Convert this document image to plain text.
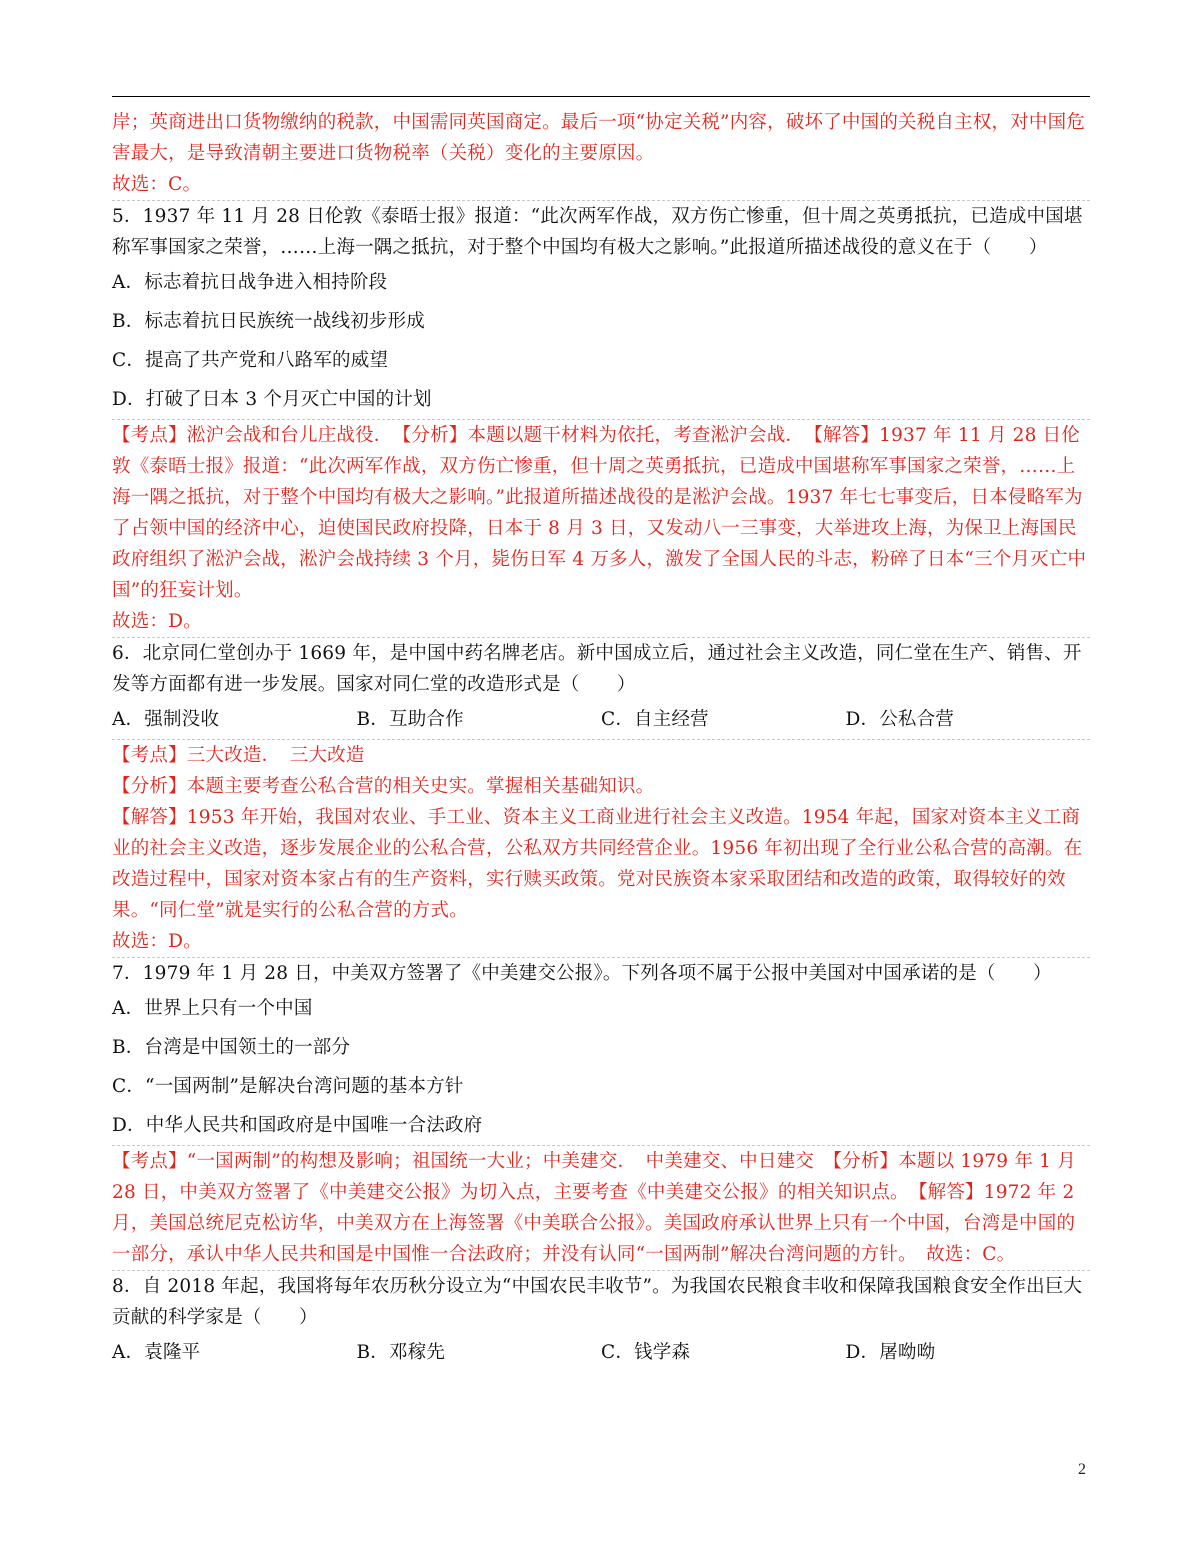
岸；英商进出口货物缴纳的税款，中国需同英国商定。最后一项“协定关税”内容，破坏了中国的关税自主权，对中国危害最大，是导致清朝主要进口货物税率（关税）变化的主要原因。

故选：C。

5．1937 年 11 月 28 日伦敦《泰晤士报》报道：“此次两军作战，双方伤亡惨重，但十周之英勇抵抗，已造成中国堪称军事国家之荣誉，……上海一隅之抵抗，对于整个中国均有极大之影响。”此报道所描述战役的意义在于（　　）

A．标志着抗日战争进入相持阶段

B．标志着抗日民族统一战线初步形成

C．提高了共产党和八路军的威望

D．打破了日本 3 个月灭亡中国的计划

【考点】淞沪会战和台儿庄战役．　【分析】本题以题干材料为依托，考查淞沪会战．　【解答】1937 年 11 月 28 日伦敦《泰晤士报》报道：“此次两军作战，双方伤亡惨重，但十周之英勇抵抗，已造成中国堪称军事国家之荣誉，……上海一隅之抵抗，对于整个中国均有极大之影响。”此报道所描述战役的是淞沪会战。1937 年七七事变后，日本侵略军为了占领中国的经济中心，迫使国民政府投降，日本于 8 月 3 日，又发动八一三事变，大举进攻上海，为保卫上海国民政府组织了淞沪会战，淞沪会战持续 3 个月，毙伤日军 4 万多人，激发了全国人民的斗志，粉碎了日本“三个月灭亡中国”的狂妄计划。

故选：D。

6．北京同仁堂创办于 1669 年，是中国中药名牌老店。新中国成立后，通过社会主义改造，同仁堂在生产、销售、开发等方面都有进一步发展。国家对同仁堂的改造形式是（　　）

A．强制没收	B．互助合作	C．自主经营	D．公私合营

【考点】三大改造．　三大改造

【分析】本题主要考查公私合营的相关史实。掌握相关基础知识。

【解答】1953 年开始，我国对农业、手工业、资本主义工商业进行社会主义改造。1954 年起，国家对资本主义工商业的社会主义改造，逐步发展企业的公私合营，公私双方共同经营企业。1956 年初出现了全行业公私合营的高潮。在改造过程中，国家对资本家占有的生产资料，实行赎买政策。党对民族资本家采取团结和改造的政策，取得较好的效果。“同仁堂”就是实行的公私合营的方式。

故选：D。

7．1979 年 1 月 28 日，中美双方签署了《中美建交公报》。下列各项不属于公报中美国对中国承诺的是（　　）

A．世界上只有一个中国

B．台湾是中国领土的一部分

C．“一国两制”是解决台湾问题的基本方针

D．中华人民共和国政府是中国唯一合法政府

【考点】“一国两制”的构想及影响；祖国统一大业；中美建交．　中美建交、中日建交　【分析】本题以 1979 年 1 月 28 日，中美双方签署了《中美建交公报》为切入点，主要考查《中美建交公报》的相关知识点。　【解答】1972 年 2 月，美国总统尼克松访华，中美双方在上海签署《中美联合公报》。美国政府承认世界上只有一个中国，台湾是中国的一部分，承认中华人民共和国是中国惟一合法政府；并没有认同“一国两制”解决台湾问题的方针。　故选：C。

8．自 2018 年起，我国将每年农历秋分设立为“中国农民丰收节”。为我国农民粮食丰收和保障我国粮食安全作出巨大贡献的科学家是（　　）

A．袁隆平	B．邓稼先	C．钱学森	D．屠呦呦
2
